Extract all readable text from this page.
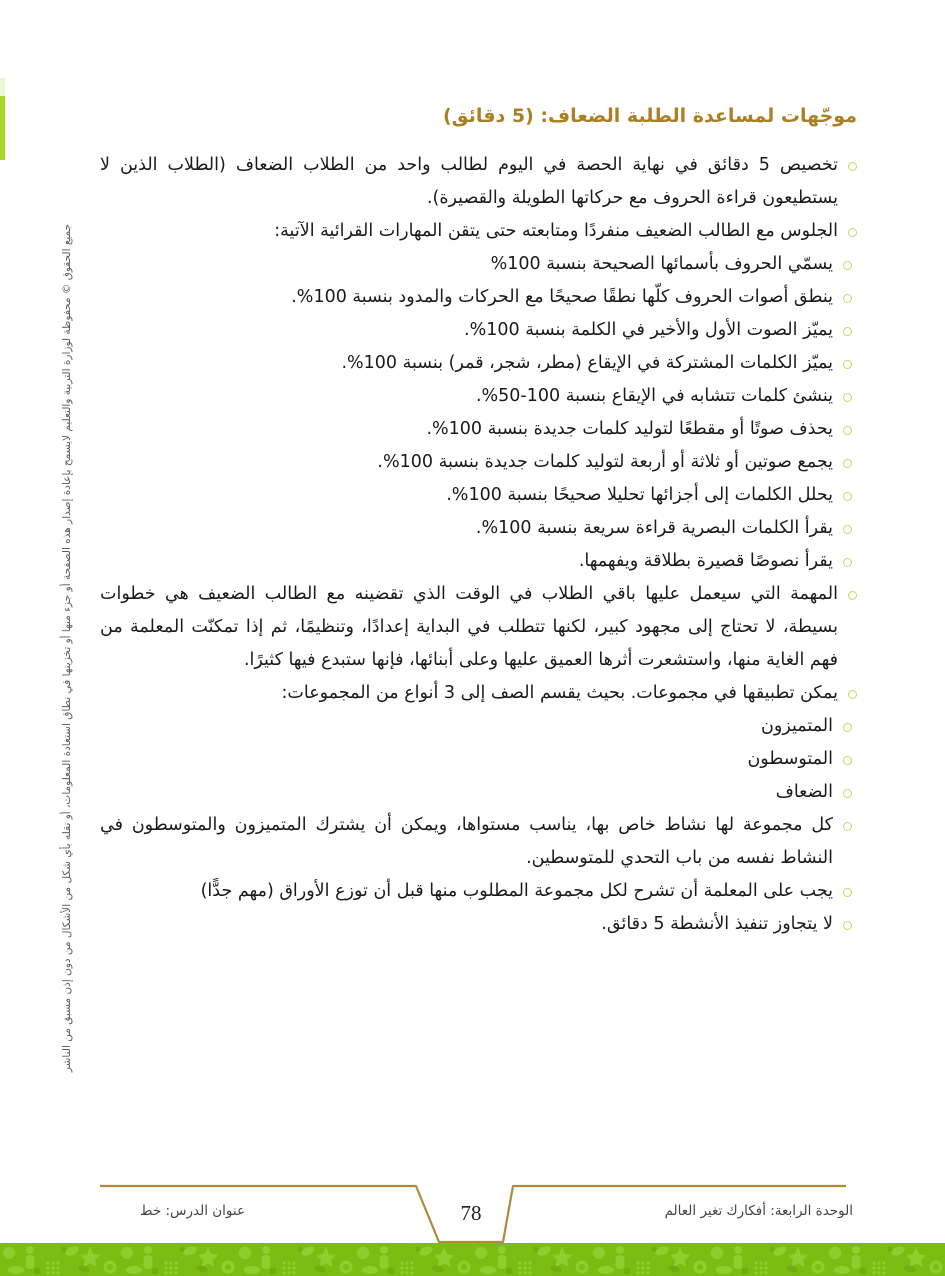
جميع الحقوق © محفوظة لوزارة التربية والتعليم لايسمح بإعادة إصدار هذه الصفحة أو جزء منها أو تخزينها في نطاق استعادة المعلومات، أو نقله بأي شكل من الأشكال من دون إذن مسبق من الناشر
موجّهات لمساعدة الطلبة الضعاف: (5 دقائق)
تخصيص 5 دقائق في نهاية الحصة في اليوم لطالب واحد من الطلاب الضعاف (الطلاب الذين لا يستطيعون قراءة الحروف مع حركاتها الطويلة والقصيرة).
الجلوس مع الطالب الضعيف منفردًا ومتابعته حتى يتقن المهارات القرائية الآتية:
يسمّي الحروف بأسمائها الصحيحة بنسبة 100%
ينطق أصوات الحروف كلّها نطقًا صحيحًا مع الحركات والمدود بنسبة 100%.
يميّز الصوت الأول والأخير في الكلمة بنسبة 100%.
يميّز الكلمات المشتركة في الإيقاع (مطر، شجر، قمر) بنسبة 100%.
ينشئ كلمات تتشابه في الإيقاع بنسبة 100-50%.
يحذف صوتًا أو مقطعًا لتوليد كلمات جديدة بنسبة 100%.
يجمع صوتين أو ثلاثة أو أربعة لتوليد كلمات جديدة بنسبة 100%.
يحلل الكلمات إلى أجزائها تحليلا صحيحًا بنسبة 100%.
يقرأ الكلمات البصرية قراءة سريعة بنسبة 100%.
يقرأ نصوصًا قصيرة بطلاقة ويفهمها.
المهمة التي سيعمل عليها باقي الطلاب في الوقت الذي تقضينه مع الطالب الضعيف هي خطوات بسيطة، لا تحتاج إلى مجهود كبير، لكنها تتطلب في البداية إعدادًا، وتنظيمًا، ثم إذا تمكنّت المعلمة من فهم الغاية منها، واستشعرت أثرها العميق عليها وعلى أبنائها، فإنها ستبدع فيها كثيرًا.
يمكن تطبيقها في مجموعات. بحيث يقسم الصف إلى 3 أنواع من المجموعات:
المتميزون
المتوسطون
الضعاف
كل مجموعة لها نشاط خاص بها، يناسب مستواها، ويمكن أن يشترك المتميزون والمتوسطون في النشاط نفسه من باب التحدي للمتوسطين.
يجب على المعلمة أن تشرح لكل مجموعة المطلوب منها قبل أن توزع الأوراق (مهم جدًّا)
لا يتجاوز تنفيذ الأنشطة 5 دقائق.
78
عنوان الدرس: خط	الوحدة الرابعة: أفكارك تغير العالم
